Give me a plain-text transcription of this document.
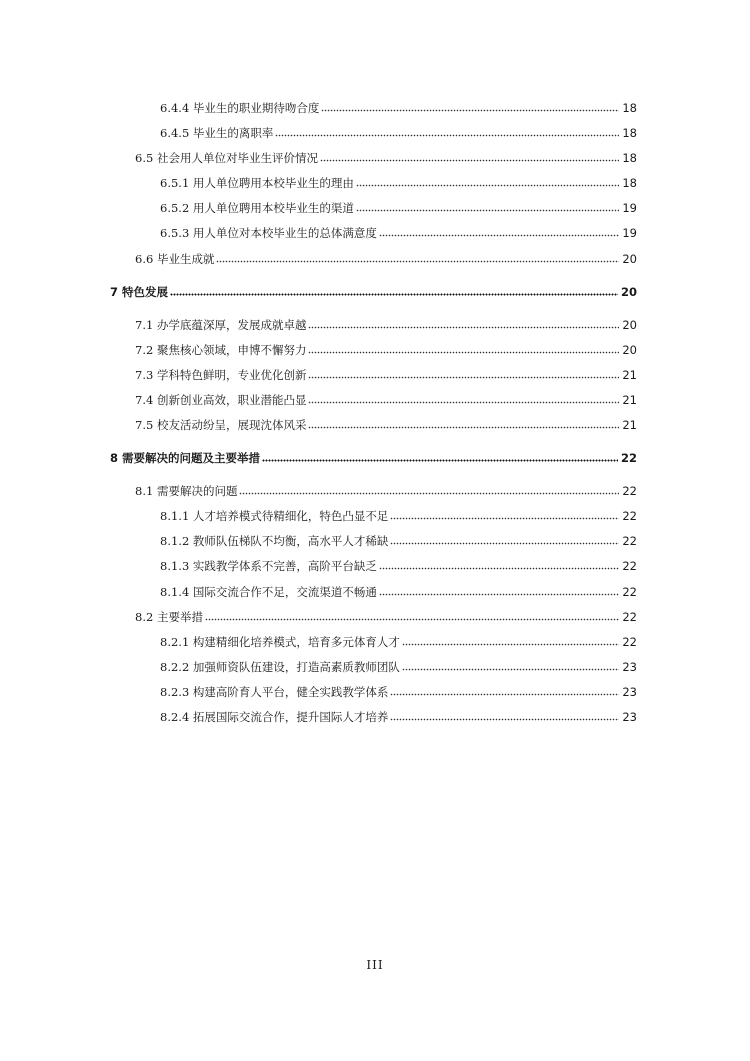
6.4.4 毕业生的职业期待吻合度	18
6.4.5 毕业生的离职率	18
6.5 社会用人单位对毕业生评价情况	18
6.5.1 用人单位聘用本校毕业生的理由	18
6.5.2 用人单位聘用本校毕业生的渠道	19
6.5.3 用人单位对本校毕业生的总体满意度	19
6.6 毕业生成就	20
7 特色发展	20
7.1 办学底蕴深厚，发展成就卓越	20
7.2 聚焦核心领域，申博不懈努力	20
7.3 学科特色鲜明，专业优化创新	21
7.4 创新创业高效，职业潜能凸显	21
7.5 校友活动纷呈，展现沈体风采	21
8 需要解决的问题及主要举措	22
8.1 需要解决的问题	22
8.1.1 人才培养模式待精细化，特色凸显不足	22
8.1.2 教师队伍梯队不均衡，高水平人才稀缺	22
8.1.3 实践教学体系不完善，高阶平台缺乏	22
8.1.4 国际交流合作不足，交流渠道不畅通	22
8.2 主要举措	22
8.2.1 构建精细化培养模式，培育多元体育人才	22
8.2.2 加强师资队伍建设，打造高素质教师团队	23
8.2.3 构建高阶育人平台，健全实践教学体系	23
8.2.4 拓展国际交流合作，提升国际人才培养	23
III
